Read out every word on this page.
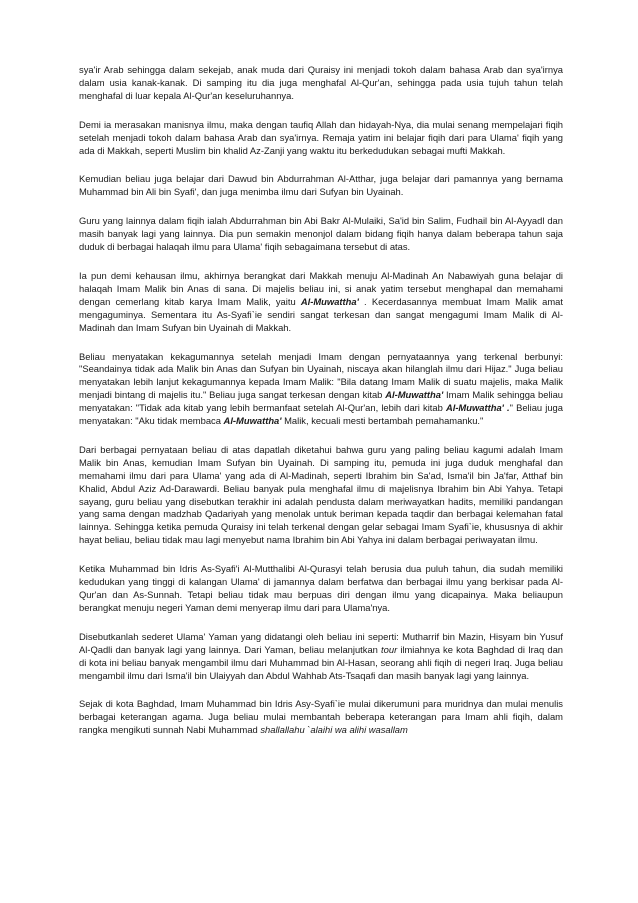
sya'ir Arab sehingga dalam sekejab, anak muda dari Quraisy ini menjadi tokoh dalam bahasa Arab dan sya'irnya dalam usia kanak-kanak. Di samping itu dia juga menghafal Al-Qur'an, sehingga pada usia tujuh tahun telah menghafal di luar kepala Al-Qur'an keseluruhannya.

Demi ia merasakan manisnya ilmu, maka dengan taufiq Allah dan hidayah-Nya, dia mulai senang mempelajari fiqih setelah menjadi tokoh dalam bahasa Arab dan sya'irnya. Remaja yatim ini belajar fiqih dari para Ulama' fiqih yang ada di Makkah, seperti Muslim bin khalid Az-Zanji yang waktu itu berkedudukan sebagai mufti Makkah.

Kemudian beliau juga belajar dari Dawud bin Abdurrahman Al-Atthar, juga belajar dari pamannya yang bernama Muhammad bin Ali bin Syafi', dan juga menimba ilmu dari Sufyan bin Uyainah.

Guru yang lainnya dalam fiqih ialah Abdurrahman bin Abi Bakr Al-Mulaiki, Sa'id bin Salim, Fudhail bin Al-Ayyadl dan masih banyak lagi yang lainnya. Dia pun semakin menonjol dalam bidang fiqih hanya dalam beberapa tahun saja duduk di berbagai halaqah ilmu para Ulama' fiqih sebagaimana tersebut di atas.

Ia pun demi kehausan ilmu, akhirnya berangkat dari Makkah menuju Al-Madinah An Nabawiyah guna belajar di halaqah Imam Malik bin Anas di sana. Di majelis beliau ini, si anak yatim tersebut menghapal dan memahami dengan cemerlang kitab karya Imam Malik, yaitu Al-Muwattha' . Kecerdasannya membuat Imam Malik amat mengaguminya. Sementara itu As-Syafi`ie sendiri sangat terkesan dan sangat mengagumi Imam Malik di Al-Madinah dan Imam Sufyan bin Uyainah di Makkah.

Beliau menyatakan kekagumannya setelah menjadi Imam dengan pernyataannya yang terkenal berbunyi: "Seandainya tidak ada Malik bin Anas dan Sufyan bin Uyainah, niscaya akan hilanglah ilmu dari Hijaz." Juga beliau menyatakan lebih lanjut kekagumannya kepada Imam Malik: "Bila datang Imam Malik di suatu majelis, maka Malik menjadi bintang di majelis itu." Beliau juga sangat terkesan dengan kitab Al-Muwattha' Imam Malik sehingga beliau menyatakan: "Tidak ada kitab yang lebih bermanfaat setelah Al-Qur'an, lebih dari kitab Al-Muwattha' ." Beliau juga menyatakan: "Aku tidak membaca Al-Muwattha' Malik, kecuali mesti bertambah pemahamanku."

Dari berbagai pernyataan beliau di atas dapatlah diketahui bahwa guru yang paling beliau kagumi adalah Imam Malik bin Anas, kemudian Imam Sufyan bin Uyainah. Di samping itu, pemuda ini juga duduk menghafal dan memahami ilmu dari para Ulama' yang ada di Al-Madinah, seperti Ibrahim bin Sa'ad, Isma'il bin Ja'far, Atthaf bin Khalid, Abdul Aziz Ad-Darawardi. Beliau banyak pula menghafal ilmu di majelisnya Ibrahim bin Abi Yahya. Tetapi sayang, guru beliau yang disebutkan terakhir ini adalah pendusta dalam meriwayatkan hadits, memiliki pandangan yang sama dengan madzhab Qadariyah yang menolak untuk beriman kepada taqdir dan berbagai kelemahan fatal lainnya. Sehingga ketika pemuda Quraisy ini telah terkenal dengan gelar sebagai Imam Syafi`ie, khususnya di akhir hayat beliau, beliau tidak mau lagi menyebut nama Ibrahim bin Abi Yahya ini dalam berbagai periwayatan ilmu.

Ketika Muhammad bin Idris As-Syafi'i Al-Mutthalibi Al-Qurasyi telah berusia dua puluh tahun, dia sudah memiliki kedudukan yang tinggi di kalangan Ulama' di jamannya dalam berfatwa dan berbagai ilmu yang berkisar pada Al-Qur'an dan As-Sunnah. Tetapi beliau tidak mau berpuas diri dengan ilmu yang dicapainya. Maka beliaupun berangkat menuju negeri Yaman demi menyerap ilmu dari para Ulama'nya.

Disebutkanlah sederet Ulama' Yaman yang didatangi oleh beliau ini seperti: Mutharrif bin Mazin, Hisyam bin Yusuf Al-Qadli dan banyak lagi yang lainnya. Dari Yaman, beliau melanjutkan tour ilmiahnya ke kota Baghdad di Iraq dan di kota ini beliau banyak mengambil ilmu dari Muhammad bin Al-Hasan, seorang ahli fiqih di negeri Iraq. Juga beliau mengambil ilmu dari Isma'il bin Ulaiyyah dan Abdul Wahhab Ats-Tsaqafi dan masih banyak lagi yang lainnya.

Sejak di kota Baghdad, Imam Muhammad bin Idris Asy-Syafi`ie mulai dikerumuni para muridnya dan mulai menulis berbagai keterangan agama. Juga beliau mulai membantah beberapa keterangan para Imam ahli fiqih, dalam rangka mengikuti sunnah Nabi Muhammad shallallahu `alaihi wa alihi wasallam
